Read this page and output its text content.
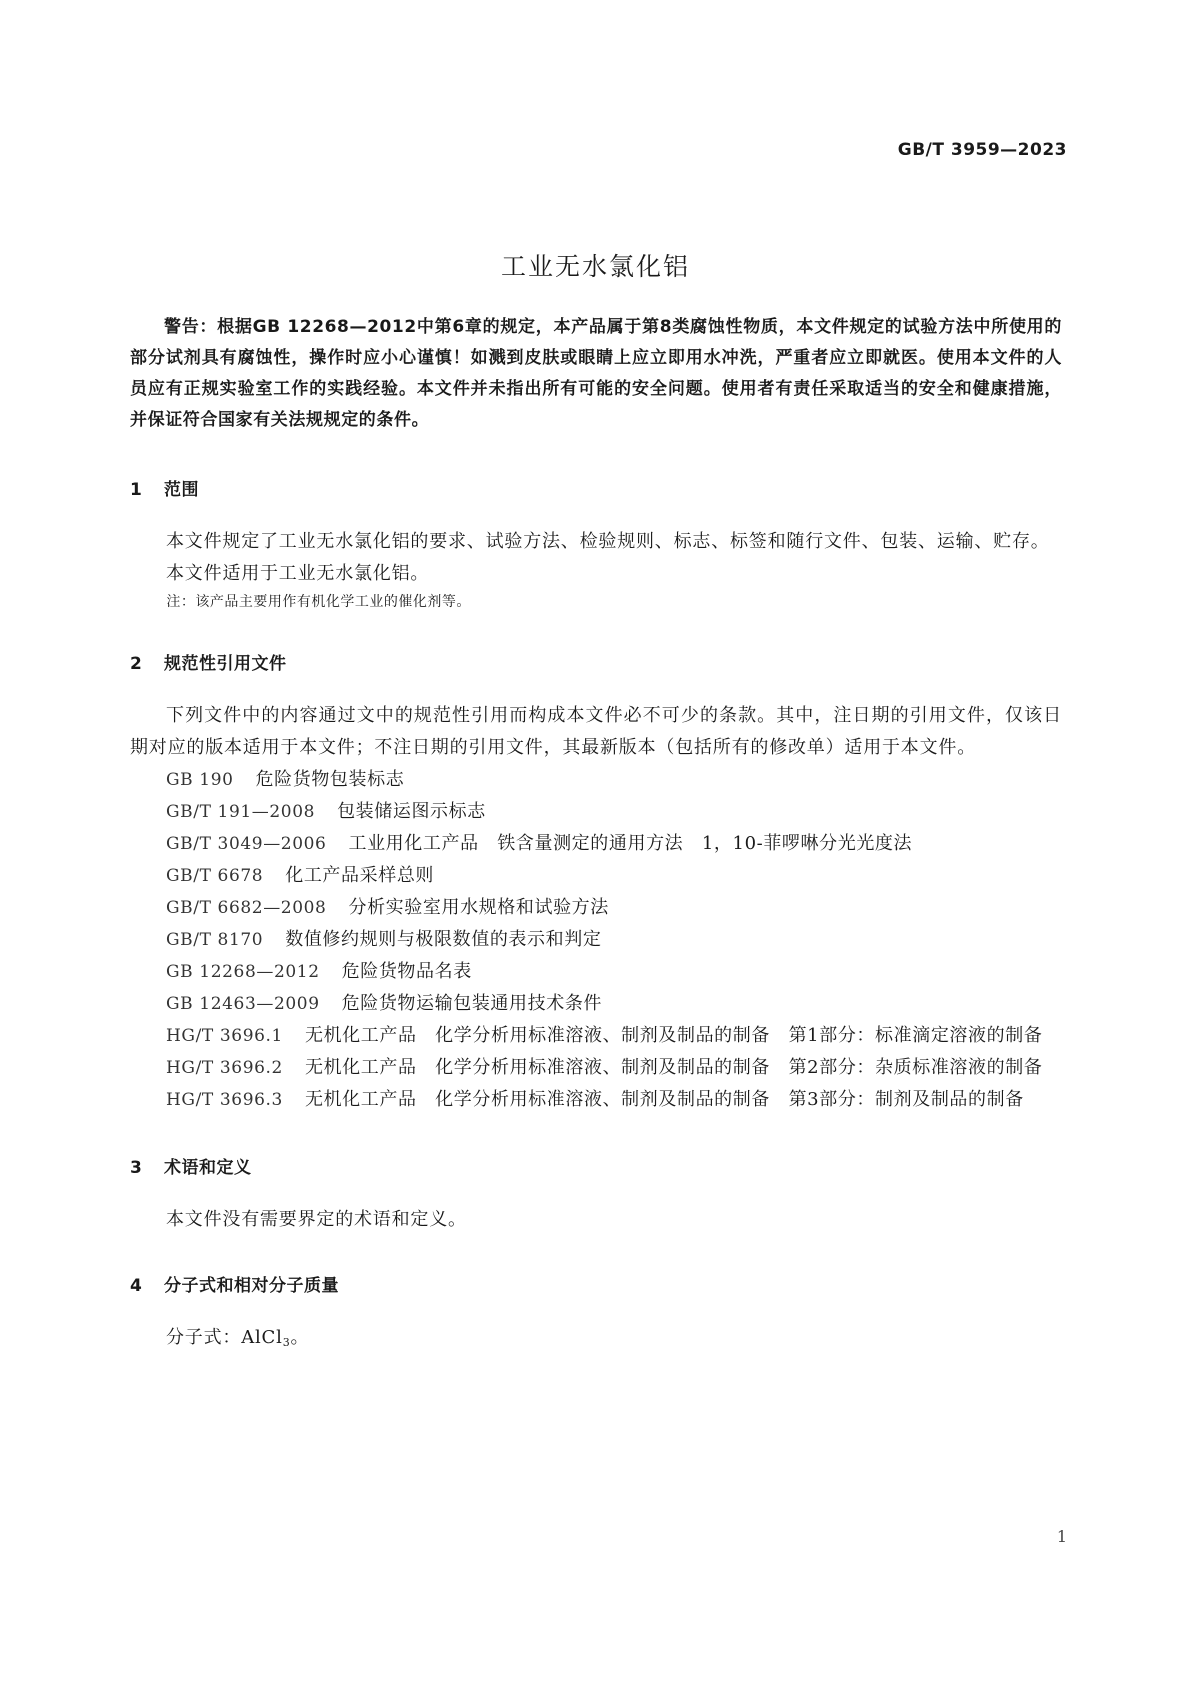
GB/T 3959—2023
工业无水氯化铝

警告：根据GB 12268—2012中第6章的规定，本产品属于第8类腐蚀性物质，本文件规定的试验方法中所使用的部分试剂具有腐蚀性，操作时应小心谨慎！如溅到皮肤或眼睛上应立即用水冲洗，严重者应立即就医。使用本文件的人员应有正规实验室工作的实践经验。本文件并未指出所有可能的安全问题。使用者有责任采取适当的安全和健康措施，并保证符合国家有关法规规定的条件。

1 范围

本文件规定了工业无水氯化铝的要求、试验方法、检验规则、标志、标签和随行文件、包装、运输、贮存。

本文件适用于工业无水氯化铝。

注：该产品主要用作有机化学工业的催化剂等。

2 规范性引用文件

下列文件中的内容通过文中的规范性引用而构成本文件必不可少的条款。其中，注日期的引用文件，仅该日期对应的版本适用于本文件；不注日期的引用文件，其最新版本（包括所有的修改单）适用于本文件。

GB 190 危险货物包装标志
GB/T 191—2008 包装储运图示标志
GB/T 3049—2006 工业用化工产品　铁含量测定的通用方法　1，10-菲啰啉分光光度法
GB/T 6678 化工产品采样总则
GB/T 6682—2008 分析实验室用水规格和试验方法
GB/T 8170 数值修约规则与极限数值的表示和判定
GB 12268—2012 危险货物品名表
GB 12463—2009 危险货物运输包装通用技术条件
HG/T 3696.1 无机化工产品　化学分析用标准溶液、制剂及制品的制备　第1部分：标准滴定溶液的制备
HG/T 3696.2 无机化工产品　化学分析用标准溶液、制剂及制品的制备　第2部分：杂质标准溶液的制备
HG/T 3696.3 无机化工产品　化学分析用标准溶液、制剂及制品的制备　第3部分：制剂及制品的制备
3 术语和定义

本文件没有需要界定的术语和定义。

4 分子式和相对分子质量

分子式：AlCl$_3$。

1
